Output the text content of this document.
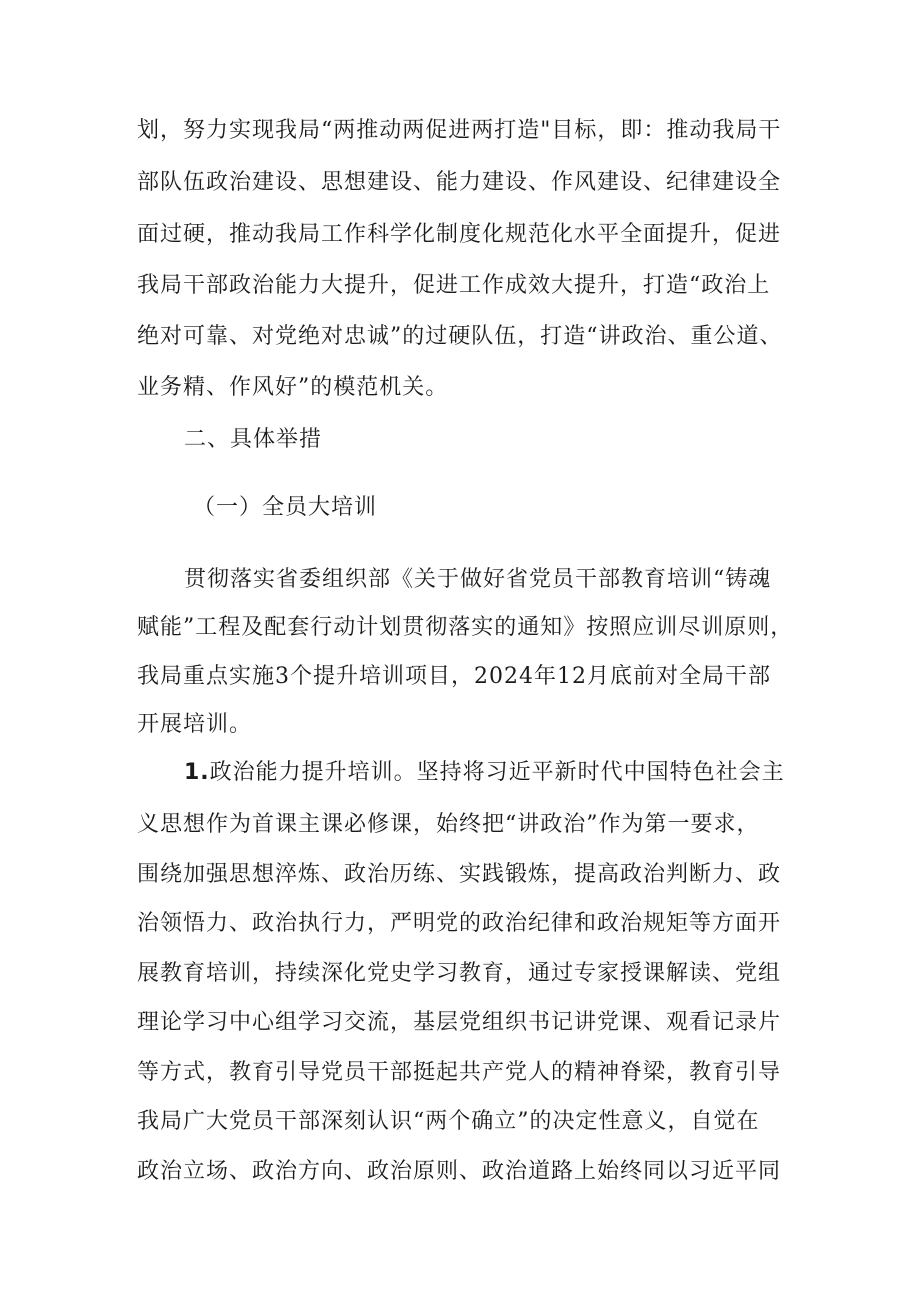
划，努力实现我局“两推动两促进两打造"目标，即：推动我局干
部队伍政治建设、思想建设、能力建设、作风建设、纪律建设全
面过硬，推动我局工作科学化制度化规范化水平全面提升，促进
我局干部政治能力大提升，促进工作成效大提升，打造“政治上
绝对可靠、对党绝对忠诚”的过硬队伍，打造“讲政治、重公道、
业务精、作风好”的模范机关。
二、具体举措
（一）全员大培训
贯彻落实省委组织部《关于做好省党员干部教育培训“铸魂
赋能”工程及配套行动计划贯彻落实的通知》按照应训尽训原则，
我局重点实施3个提升培训项目，2024年12月底前对全局干部
开展培训。
1.政治能力提升培训。坚持将习近平新时代中国特色社会主
义思想作为首课主课必修课，始终把“讲政治”作为第一要求，
围绕加强思想淬炼、政治历练、实践锻炼，提高政治判断力、政
治领悟力、政治执行力，严明党的政治纪律和政治规矩等方面开
展教育培训，持续深化党史学习教育，通过专家授课解读、党组
理论学习中心组学习交流，基层党组织书记讲党课、观看记录片
等方式，教育引导党员干部挺起共产党人的精神脊梁，教育引导
我局广大党员干部深刻认识“两个确立”的决定性意义，自觉在
政治立场、政治方向、政治原则、政治道路上始终同以习近平同
